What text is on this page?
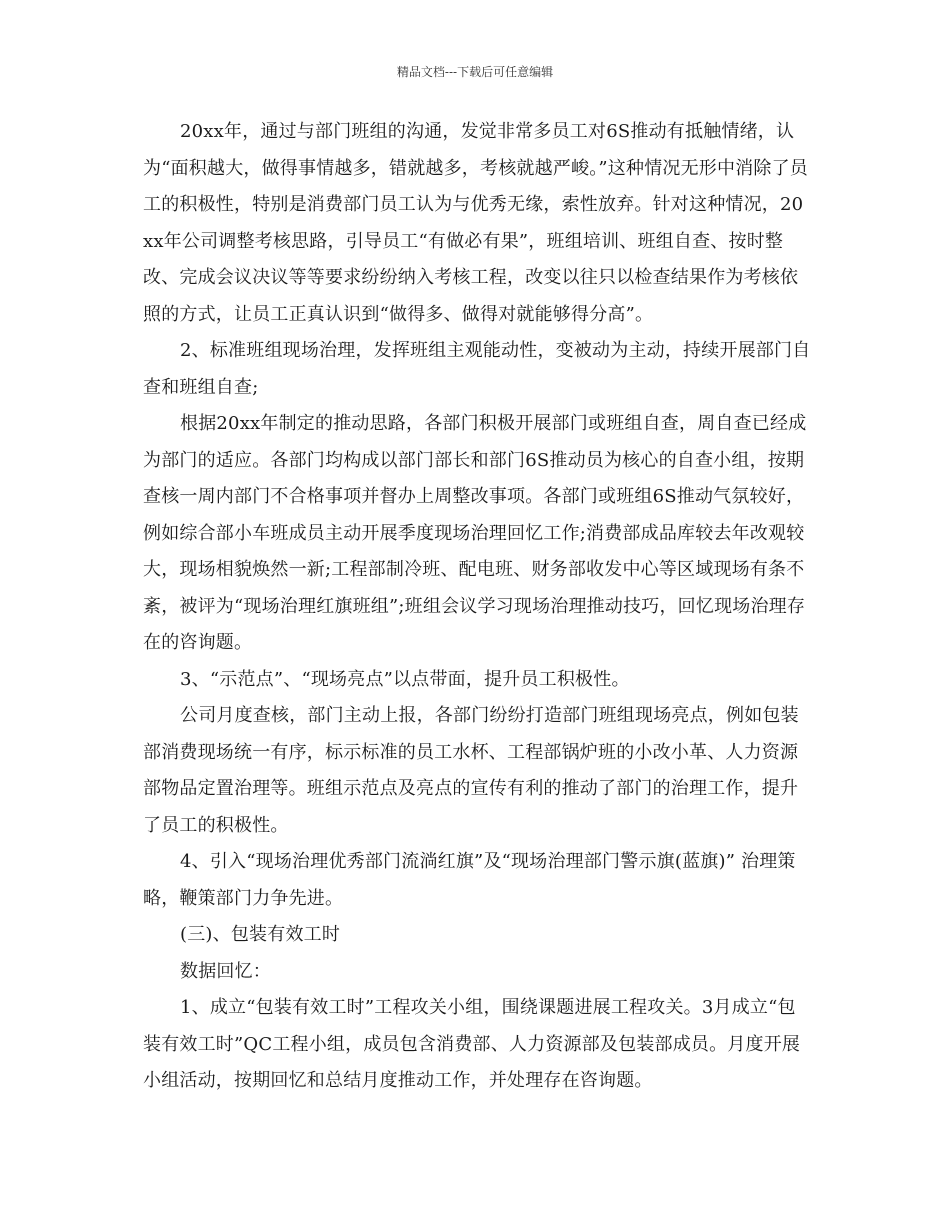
精品文档---下载后可任意编辑

20xx年，通过与部门班组的沟通，发觉非常多员工对6S推动有抵触情绪，认为“面积越大，做得事情越多，错就越多，考核就越严峻。”这种情况无形中消除了员工的积极性，特别是消费部门员工认为与优秀无缘，索性放弃。针对这种情况，20xx年公司调整考核思路，引导员工“有做必有果”，班组培训、班组自查、按时整改、完成会议决议等等要求纷纷纳入考核工程，改变以往只以检查结果作为考核依照的方式，让员工正真认识到“做得多、做得对就能够得分高”。

2、标准班组现场治理，发挥班组主观能动性，变被动为主动，持续开展部门自查和班组自查;

根据20xx年制定的推动思路，各部门积极开展部门或班组自查，周自查已经成为部门的适应。各部门均构成以部门部长和部门6S推动员为核心的自查小组，按期查核一周内部门不合格事项并督办上周整改事项。各部门或班组6S推动气氛较好，例如综合部小车班成员主动开展季度现场治理回忆工作;消费部成品库较去年改观较大，现场相貌焕然一新;工程部制冷班、配电班、财务部收发中心等区域现场有条不紊，被评为“现场治理红旗班组”;班组会议学习现场治理推动技巧，回忆现场治理存在的咨询题。

3、“示范点”、“现场亮点”以点带面，提升员工积极性。

公司月度查核，部门主动上报，各部门纷纷打造部门班组现场亮点，例如包装部消费现场统一有序，标示标准的员工水杯、工程部锅炉班的小改小革、人力资源部物品定置治理等。班组示范点及亮点的宣传有利的推动了部门的治理工作，提升了员工的积极性。

4、引入“现场治理优秀部门流淌红旗”及“现场治理部门警示旗(蓝旗)” 治理策略，鞭策部门力争先进。

(三)、包装有效工时

数据回忆：

1、成立“包装有效工时”工程攻关小组，围绕课题进展工程攻关。3月成立“包装有效工时”QC工程小组，成员包含消费部、人力资源部及包装部成员。月度开展小组活动，按期回忆和总结月度推动工作，并处理存在咨询题。
